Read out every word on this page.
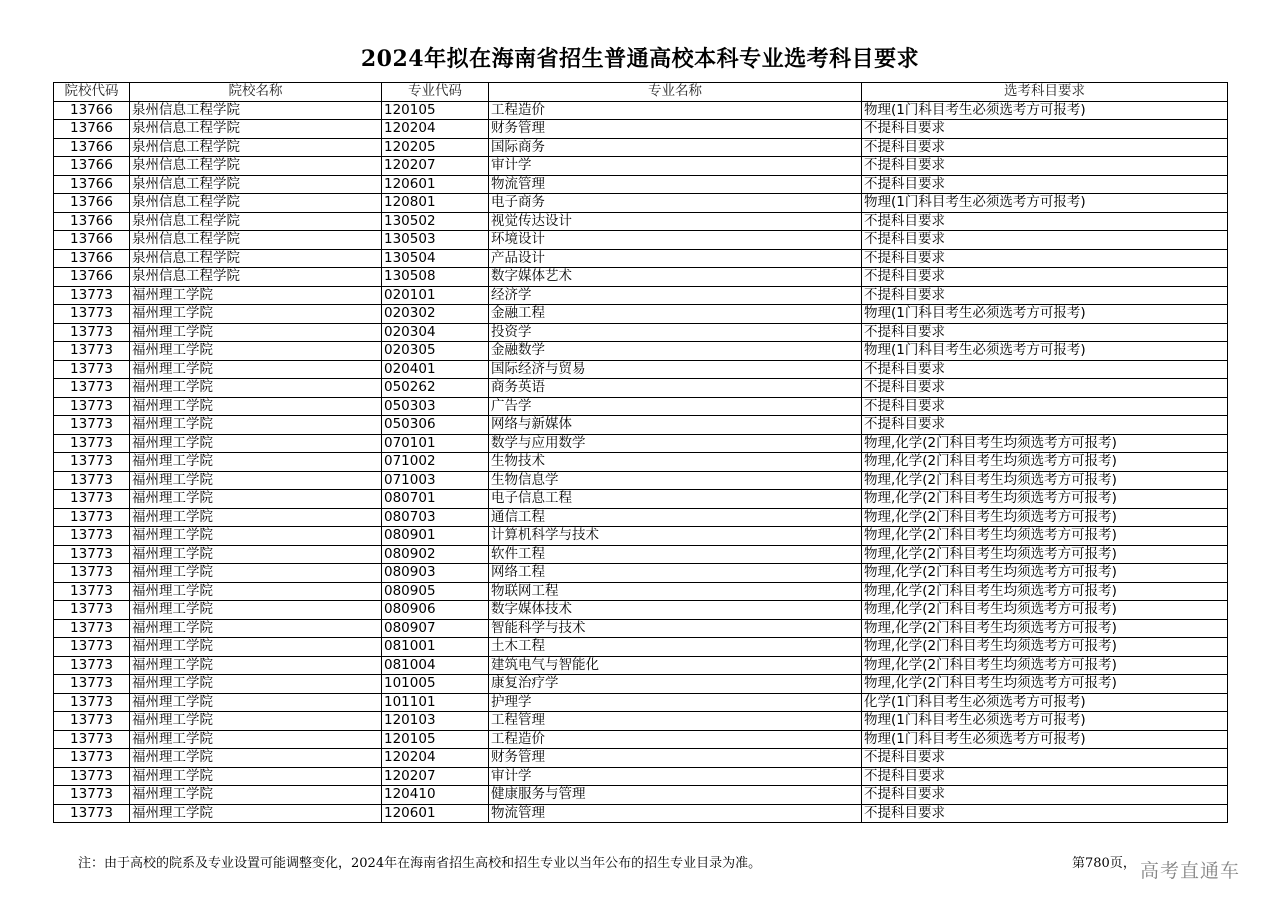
2024年拟在海南省招生普通高校本科专业选考科目要求
院校代码	院校名称	专业代码	专业名称	选考科目要求
13766	泉州信息工程学院	120105	工程造价	物理(1门科目考生必须选考方可报考)
13766	泉州信息工程学院	120204	财务管理	不提科目要求
13766	泉州信息工程学院	120205	国际商务	不提科目要求
13766	泉州信息工程学院	120207	审计学	不提科目要求
13766	泉州信息工程学院	120601	物流管理	不提科目要求
13766	泉州信息工程学院	120801	电子商务	物理(1门科目考生必须选考方可报考)
13766	泉州信息工程学院	130502	视觉传达设计	不提科目要求
13766	泉州信息工程学院	130503	环境设计	不提科目要求
13766	泉州信息工程学院	130504	产品设计	不提科目要求
13766	泉州信息工程学院	130508	数字媒体艺术	不提科目要求
13773	福州理工学院	020101	经济学	不提科目要求
13773	福州理工学院	020302	金融工程	物理(1门科目考生必须选考方可报考)
13773	福州理工学院	020304	投资学	不提科目要求
13773	福州理工学院	020305	金融数学	物理(1门科目考生必须选考方可报考)
13773	福州理工学院	020401	国际经济与贸易	不提科目要求
13773	福州理工学院	050262	商务英语	不提科目要求
13773	福州理工学院	050303	广告学	不提科目要求
13773	福州理工学院	050306	网络与新媒体	不提科目要求
13773	福州理工学院	070101	数学与应用数学	物理,化学(2门科目考生均须选考方可报考)
13773	福州理工学院	071002	生物技术	物理,化学(2门科目考生均须选考方可报考)
13773	福州理工学院	071003	生物信息学	物理,化学(2门科目考生均须选考方可报考)
13773	福州理工学院	080701	电子信息工程	物理,化学(2门科目考生均须选考方可报考)
13773	福州理工学院	080703	通信工程	物理,化学(2门科目考生均须选考方可报考)
13773	福州理工学院	080901	计算机科学与技术	物理,化学(2门科目考生均须选考方可报考)
13773	福州理工学院	080902	软件工程	物理,化学(2门科目考生均须选考方可报考)
13773	福州理工学院	080903	网络工程	物理,化学(2门科目考生均须选考方可报考)
13773	福州理工学院	080905	物联网工程	物理,化学(2门科目考生均须选考方可报考)
13773	福州理工学院	080906	数字媒体技术	物理,化学(2门科目考生均须选考方可报考)
13773	福州理工学院	080907	智能科学与技术	物理,化学(2门科目考生均须选考方可报考)
13773	福州理工学院	081001	土木工程	物理,化学(2门科目考生均须选考方可报考)
13773	福州理工学院	081004	建筑电气与智能化	物理,化学(2门科目考生均须选考方可报考)
13773	福州理工学院	101005	康复治疗学	物理,化学(2门科目考生均须选考方可报考)
13773	福州理工学院	101101	护理学	化学(1门科目考生必须选考方可报考)
13773	福州理工学院	120103	工程管理	物理(1门科目考生必须选考方可报考)
13773	福州理工学院	120105	工程造价	物理(1门科目考生必须选考方可报考)
13773	福州理工学院	120204	财务管理	不提科目要求
13773	福州理工学院	120207	审计学	不提科目要求
13773	福州理工学院	120410	健康服务与管理	不提科目要求
13773	福州理工学院	120601	物流管理	不提科目要求
注：由于高校的院系及专业设置可能调整变化，2024年在海南省招生高校和招生专业以当年公布的招生专业目录为准。	第780页， 高考直通车
